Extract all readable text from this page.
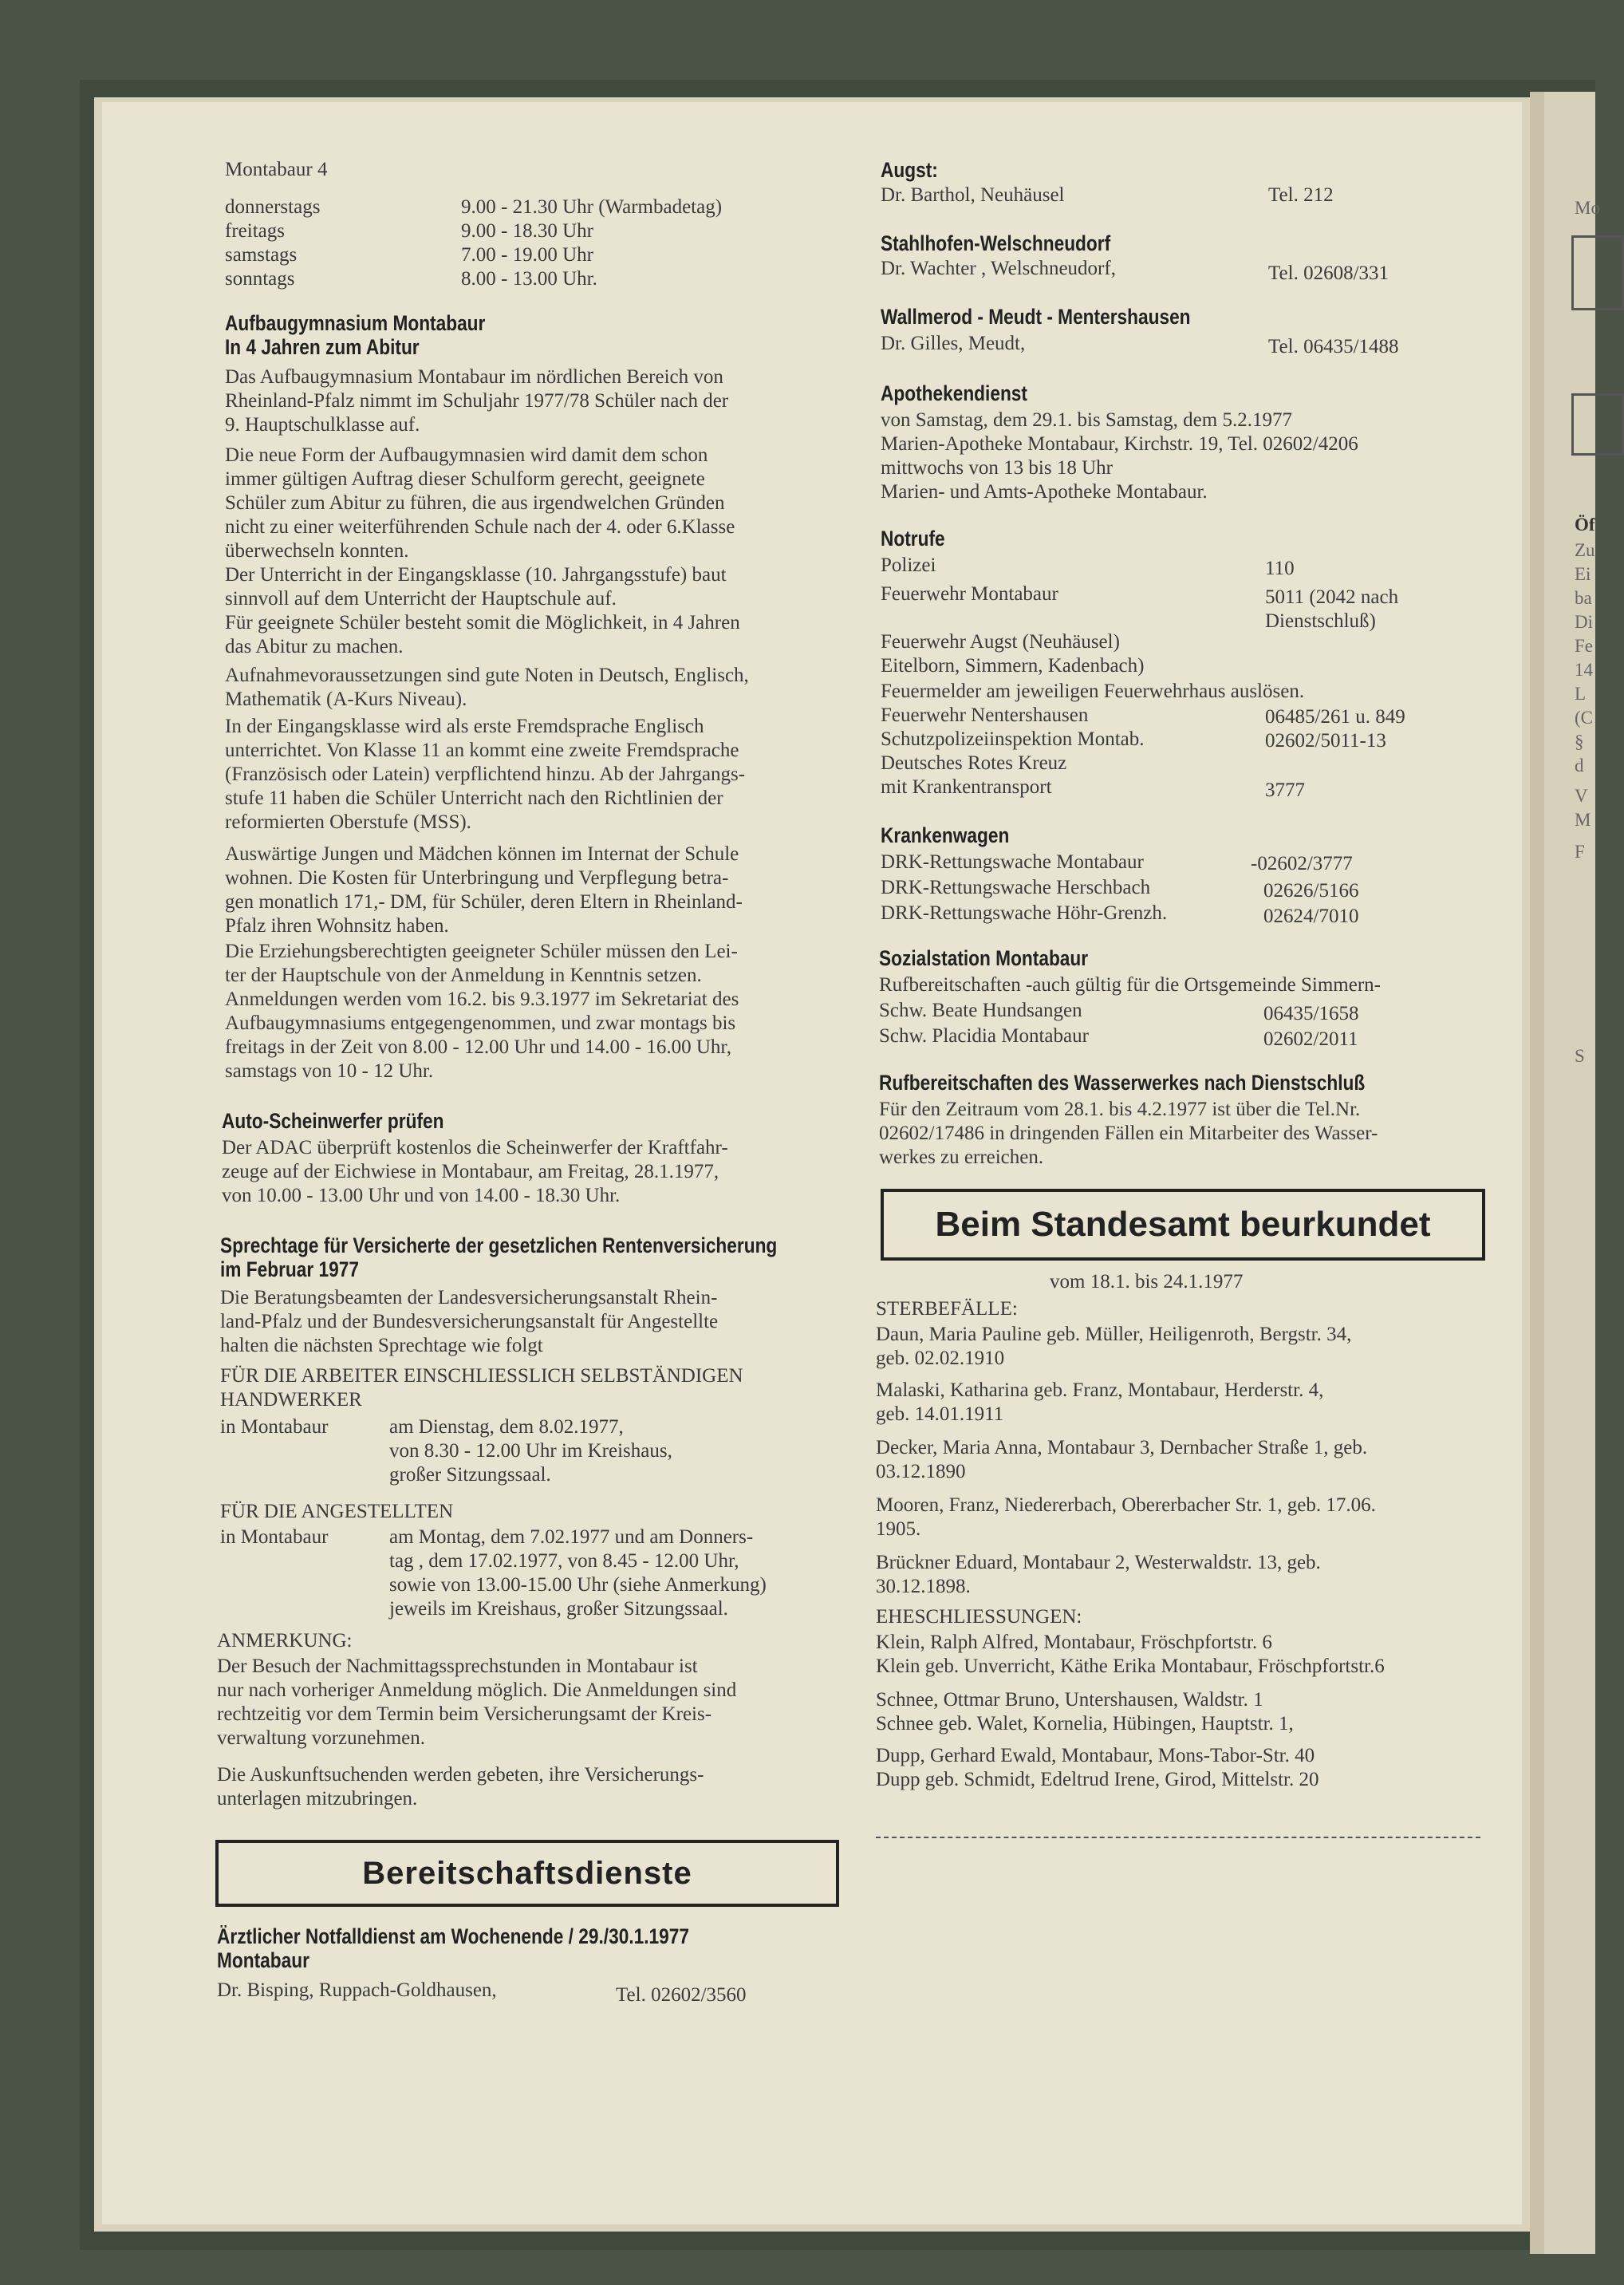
Montabaur 4
donnerstags	9.00 - 21.30 Uhr (Warmbadetag)
freitags	9.00 - 18.30 Uhr
samstags	7.00 - 19.00 Uhr
sonntags	8.00 - 13.00 Uhr.
Aufbaugymnasium Montabaur
In 4 Jahren zum Abitur
Das Aufbaugymnasium Montabaur im nördlichen Bereich von
Rheinland-Pfalz nimmt im Schuljahr 1977/78 Schüler nach der
9. Hauptschulklasse auf.
Die neue Form der Aufbaugymnasien wird damit dem schon
immer gültigen Auftrag dieser Schulform gerecht, geeignete
Schüler zum Abitur zu führen, die aus irgendwelchen Gründen
nicht zu einer weiterführenden Schule nach der 4. oder 6.Klasse
überwechseln konnten.
Der Unterricht in der Eingangsklasse (10. Jahrgangsstufe) baut
sinnvoll auf dem Unterricht der Hauptschule auf.
Für geeignete Schüler besteht somit die Möglichkeit, in 4 Jahren
das Abitur zu machen.
Aufnahmevoraussetzungen sind gute Noten in Deutsch, Englisch,
Mathematik (A-Kurs Niveau).
In der Eingangsklasse wird als erste Fremdsprache Englisch
unterrichtet. Von Klasse 11 an kommt eine zweite Fremdsprache
(Französisch oder Latein) verpflichtend hinzu. Ab der Jahrgangs-
stufe 11 haben die Schüler Unterricht nach den Richtlinien der
reformierten Oberstufe (MSS).
Auswärtige Jungen und Mädchen können im Internat der Schule
wohnen. Die Kosten für Unterbringung und Verpflegung betra-
gen monatlich 171,- DM, für Schüler, deren Eltern in Rheinland-
Pfalz ihren Wohnsitz haben.
Die Erziehungsberechtigten geeigneter Schüler müssen den Lei-
ter der Hauptschule von der Anmeldung in Kenntnis setzen.
Anmeldungen werden vom 16.2. bis 9.3.1977 im Sekretariat des
Aufbaugymnasiums entgegengenommen, und zwar montags bis
freitags in der Zeit von 8.00 - 12.00 Uhr und 14.00 - 16.00 Uhr,
samstags von 10 - 12 Uhr.
Auto-Scheinwerfer prüfen
Der ADAC überprüft kostenlos die Scheinwerfer der Kraftfahr-
zeuge auf der Eichwiese in Montabaur, am Freitag, 28.1.1977,
von 10.00 - 13.00 Uhr und von 14.00 - 18.30 Uhr.
Sprechtage für Versicherte der gesetzlichen Rentenversicherung
im Februar 1977
Die Beratungsbeamten der Landesversicherungsanstalt Rhein-
land-Pfalz und der Bundesversicherungsanstalt für Angestellte
halten die nächsten Sprechtage wie folgt
FÜR DIE ARBEITER EINSCHLIESSLICH SELBSTÄNDIGEN
HANDWERKER
in Montabaur	am Dienstag, dem 8.02.1977,
von 8.30 - 12.00 Uhr im Kreishaus,
großer Sitzungssaal.
FÜR DIE ANGESTELLTEN
in Montabaur	am Montag, dem 7.02.1977 und am Donners-
tag , dem 17.02.1977, von 8.45 - 12.00 Uhr,
sowie von 13.00-15.00 Uhr (siehe Anmerkung)
jeweils im Kreishaus, großer Sitzungssaal.
ANMERKUNG:
Der Besuch der Nachmittagssprechstunden in Montabaur ist
nur nach vorheriger Anmeldung möglich. Die Anmeldungen sind
rechtzeitig vor dem Termin beim Versicherungsamt der Kreis-
verwaltung vorzunehmen.
Die Auskunftsuchenden werden gebeten, ihre Versicherungs-
unterlagen mitzubringen.
Bereitschaftsdienste
Ärztlicher Notfalldienst am Wochenende / 29./30.1.1977
Montabaur
Dr. Bisping, Ruppach-Goldhausen,	Tel. 02602/3560
Augst:
Dr. Barthol, Neuhäusel	Tel. 212
Stahlhofen-Welschneudorf
Dr. Wachter , Welschneudorf,	Tel. 02608/331
Wallmerod - Meudt - Mentershausen
Dr. Gilles, Meudt,	Tel. 06435/1488
Apothekendienst
von Samstag, dem 29.1. bis Samstag, dem 5.2.1977
Marien-Apotheke Montabaur, Kirchstr. 19, Tel. 02602/4206
mittwochs von 13 bis 18 Uhr
Marien- und Amts-Apotheke Montabaur.
Notrufe
Polizei	110
Feuerwehr Montabaur	5011 (2042 nach
Dienstschluß)
Feuerwehr Augst (Neuhäusel)
Eitelborn, Simmern, Kadenbach)
Feuermelder am jeweiligen Feuerwehrhaus auslösen.
Feuerwehr Nentershausen	06485/261 u. 849
Schutzpolizeiinspektion Montab.	02602/5011-13
Deutsches Rotes Kreuz
mit Krankentransport	3777
Krankenwagen
DRK-Rettungswache Montabaur	-02602/3777
DRK-Rettungswache Herschbach	02626/5166
DRK-Rettungswache Höhr-Grenzh.	02624/7010
Sozialstation Montabaur
Rufbereitschaften -auch gültig für die Ortsgemeinde Simmern-
Schw. Beate Hundsangen	06435/1658
Schw. Placidia Montabaur	02602/2011
Rufbereitschaften des Wasserwerkes nach Dienstschluß
Für den Zeitraum vom 28.1. bis 4.2.1977 ist über die Tel.Nr.
02602/17486 in dringenden Fällen ein Mitarbeiter des Wasser-
werkes zu erreichen.
Beim Standesamt beurkundet
vom 18.1. bis 24.1.1977
STERBEFÄLLE:
Daun, Maria Pauline geb. Müller, Heiligenroth, Bergstr. 34,
geb. 02.02.1910
Malaski, Katharina geb. Franz, Montabaur, Herderstr. 4,
geb. 14.01.1911
Decker, Maria Anna, Montabaur 3, Dernbacher Straße 1, geb.
03.12.1890
Mooren, Franz, Niedererbach, Obererbacher Str. 1, geb. 17.06.
1905.
Brückner Eduard, Montabaur 2, Westerwaldstr. 13, geb.
30.12.1898.
EHESCHLIESSUNGEN:
Klein, Ralph Alfred, Montabaur, Fröschpfortstr. 6
Klein geb. Unverricht, Käthe Erika Montabaur, Fröschpfortstr.6
Schnee, Ottmar Bruno, Untershausen, Waldstr. 1
Schnee geb. Walet, Kornelia, Hübingen, Hauptstr. 1,
Dupp, Gerhard Ewald, Montabaur, Mons-Tabor-Str. 40
Dupp geb. Schmidt, Edeltrud Irene, Girod, Mittelstr. 20
Mo
Öf
Zu
Ei
ba
Di
Fe
14
L
(C
§
d
V
M
F
S
